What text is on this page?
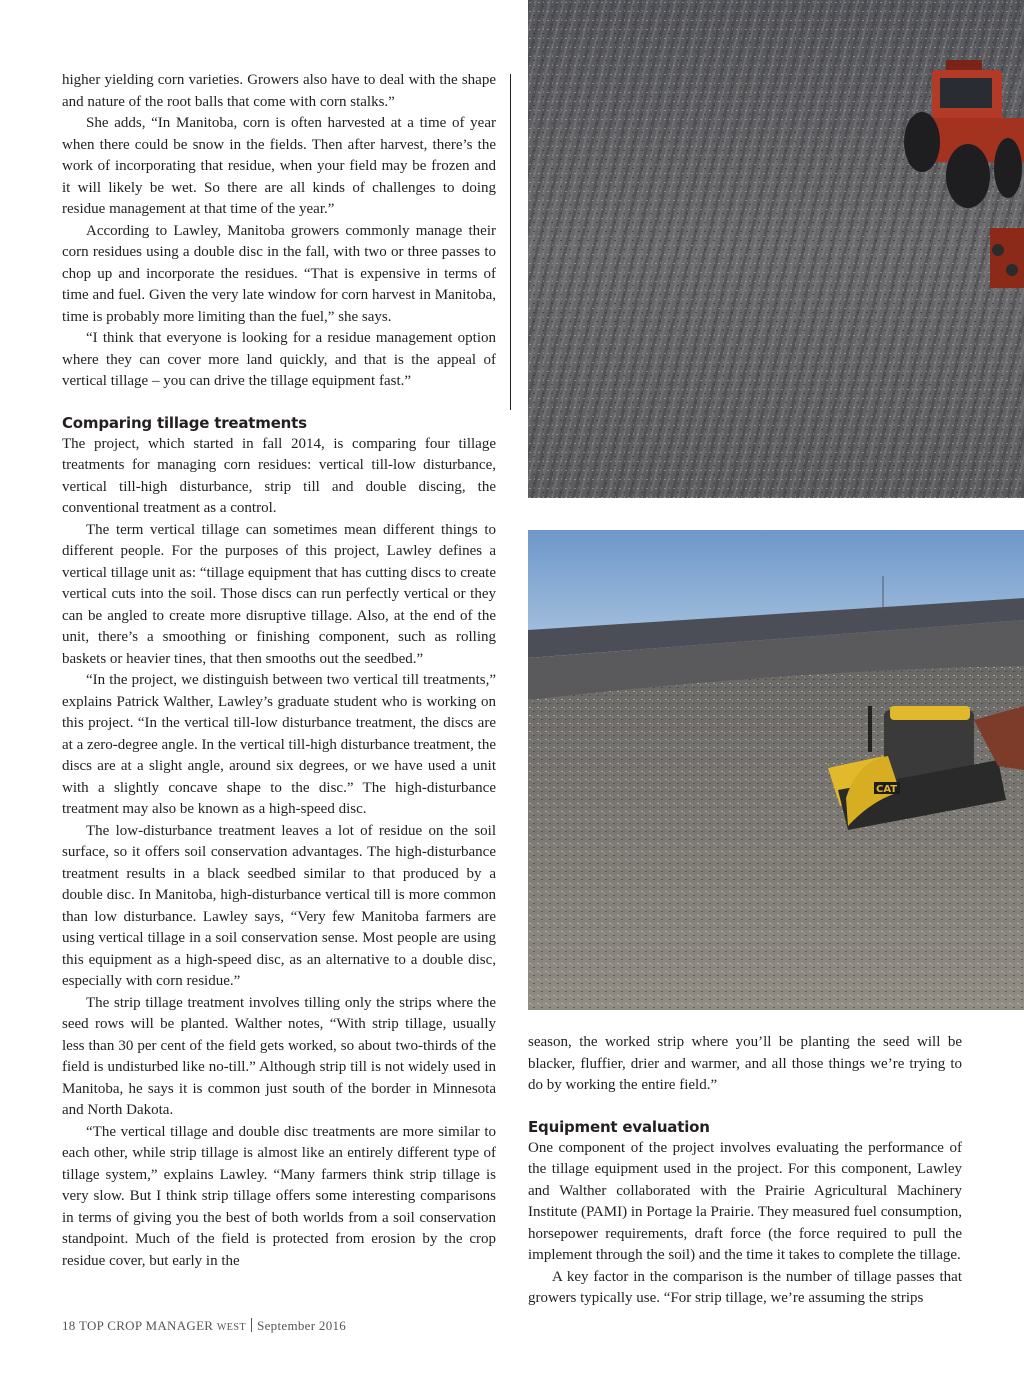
higher yielding corn varieties. Growers also have to deal with the shape and nature of the root balls that come with corn stalks.”

She adds, “In Manitoba, corn is often harvested at a time of year when there could be snow in the fields. Then after harvest, there’s the work of incorporating that residue, when your field may be frozen and it will likely be wet. So there are all kinds of challenges to doing residue management at that time of the year.”

According to Lawley, Manitoba growers commonly manage their corn residues using a double disc in the fall, with two or three passes to chop up and incorporate the residues. “That is expensive in terms of time and fuel. Given the very late window for corn harvest in Manitoba, time is probably more limiting than the fuel,” she says.

“I think that everyone is looking for a residue management option where they can cover more land quickly, and that is the appeal of vertical tillage – you can drive the tillage equipment fast.”

Comparing tillage treatments

The project, which started in fall 2014, is comparing four tillage treatments for managing corn residues: vertical till-low disturbance, vertical till-high disturbance, strip till and double discing, the conventional treatment as a control.

The term vertical tillage can sometimes mean different things to different people. For the purposes of this project, Lawley defines a vertical tillage unit as: “tillage equipment that has cutting discs to create vertical cuts into the soil. Those discs can run perfectly vertical or they can be angled to create more disruptive tillage. Also, at the end of the unit, there’s a smoothing or finishing component, such as rolling baskets or heavier tines, that then smooths out the seedbed.”

“In the project, we distinguish between two vertical till treatments,” explains Patrick Walther, Lawley’s graduate student who is working on this project. “In the vertical till-low disturbance treatment, the discs are at a zero-degree angle. In the vertical till-high disturbance treatment, the discs are at a slight angle, around six degrees, or we have used a unit with a slightly concave shape to the disc.” The high-disturbance treatment may also be known as a high-speed disc.

The low-disturbance treatment leaves a lot of residue on the soil surface, so it offers soil conservation advantages. The high-disturbance treatment results in a black seedbed similar to that produced by a double disc. In Manitoba, high-disturbance vertical till is more common than low disturbance. Lawley says, “Very few Manitoba farmers are using vertical tillage in a soil conservation sense. Most people are using this equipment as a high-speed disc, as an alternative to a double disc, especially with corn residue.”

The strip tillage treatment involves tilling only the strips where the seed rows will be planted. Walther notes, “With strip tillage, usually less than 30 per cent of the field gets worked, so about two-thirds of the field is undisturbed like no-till.” Although strip till is not widely used in Manitoba, he says it is common just south of the border in Minnesota and North Dakota.

“The vertical tillage and double disc treatments are more similar to each other, while strip tillage is almost like an entirely different type of tillage system,” explains Lawley. “Many farmers think strip tillage is very slow. But I think strip tillage offers some interesting comparisons in terms of giving you the best of both worlds from a soil conservation standpoint. Much of the field is protected from erosion by the crop residue cover, but early in the

CAT

season, the worked strip where you’ll be planting the seed will be blacker, fluffier, drier and warmer, and all those things we’re trying to do by working the entire field.”

Equipment evaluation

One component of the project involves evaluating the performance of the tillage equipment used in the project. For this component, Lawley and Walther collaborated with the Prairie Agricultural Machinery Institute (PAMI) in Portage la Prairie. They measured fuel consumption, horsepower requirements, draft force (the force required to pull the implement through the soil) and the time it takes to complete the tillage.

A key factor in the comparison is the number of tillage passes that growers typically use. “For strip tillage, we’re assuming the strips

18 TOP CROP MANAGER WEST September 2016
